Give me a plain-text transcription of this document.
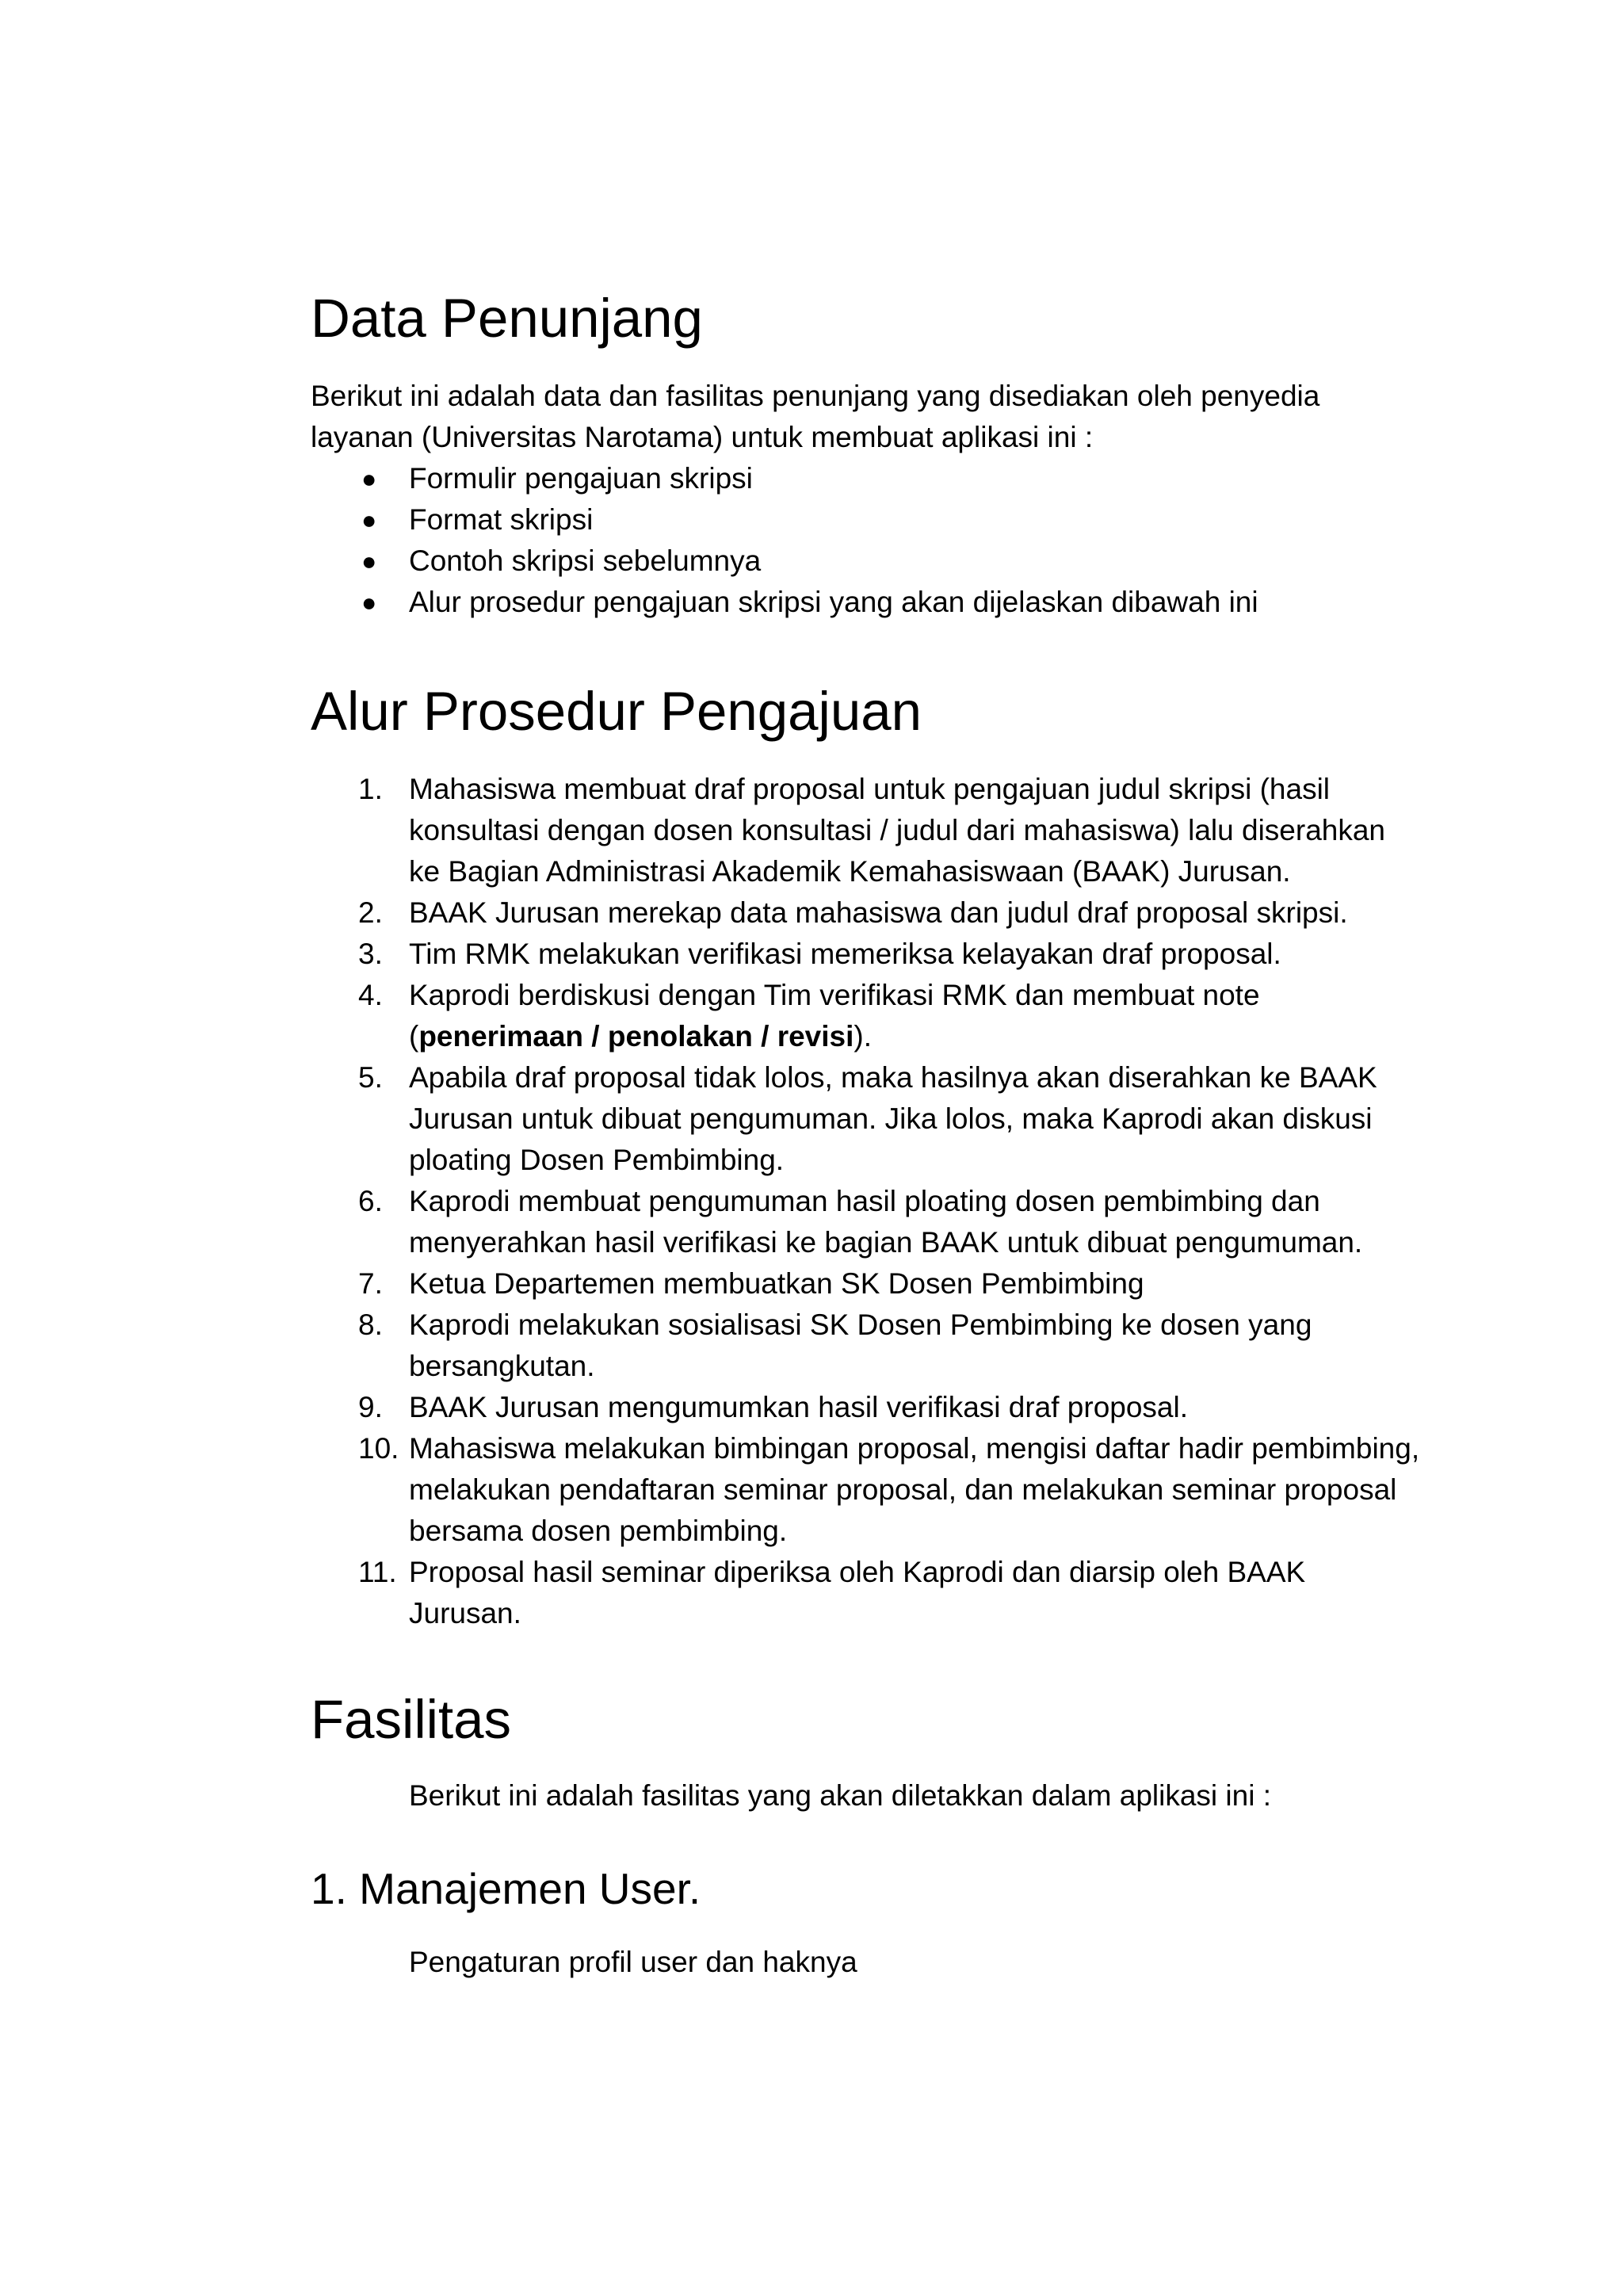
Data Penunjang

Berikut ini adalah data dan fasilitas penunjang yang disediakan oleh penyedia
layanan (Universitas Narotama) untuk membuat aplikasi ini :

●	Formulir pengajuan skripsi
●	Format skripsi
●	Contoh skripsi sebelumnya
●	Alur prosedur pengajuan skripsi yang akan dijelaskan dibawah ini
Alur Prosedur Pengajuan
1. Mahasiswa membuat draf proposal untuk pengajuan judul skripsi (hasil konsultasi dengan dosen konsultasi / judul dari mahasiswa) lalu diserahkan ke Bagian Administrasi Akademik Kemahasiswaan (BAAK) Jurusan.
2. BAAK Jurusan merekap data mahasiswa dan judul draf proposal skripsi.
3. Tim RMK melakukan verifikasi memeriksa kelayakan draf proposal.
4. Kaprodi berdiskusi dengan Tim verifikasi RMK dan membuat note (penerimaan / penolakan / revisi).
5. Apabila draf proposal tidak lolos, maka hasilnya akan diserahkan ke BAAK Jurusan untuk dibuat pengumuman. Jika lolos, maka Kaprodi akan diskusi ploating Dosen Pembimbing.
6. Kaprodi membuat pengumuman hasil ploating dosen pembimbing dan menyerahkan hasil verifikasi ke bagian BAAK untuk dibuat pengumuman.
7. Ketua Departemen membuatkan SK Dosen Pembimbing
8. Kaprodi melakukan sosialisasi SK Dosen Pembimbing ke dosen yang bersangkutan.
9. BAAK Jurusan mengumumkan hasil verifikasi draf proposal.
10. Mahasiswa melakukan bimbingan proposal, mengisi daftar hadir pembimbing, melakukan pendaftaran seminar proposal, dan melakukan seminar proposal bersama dosen pembimbing.
11. Proposal hasil seminar diperiksa oleh Kaprodi dan diarsip oleh BAAK Jurusan.
Fasilitas

Berikut ini adalah fasilitas yang akan diletakkan dalam aplikasi ini :

1. Manajemen User.

Pengaturan profil user dan haknya
